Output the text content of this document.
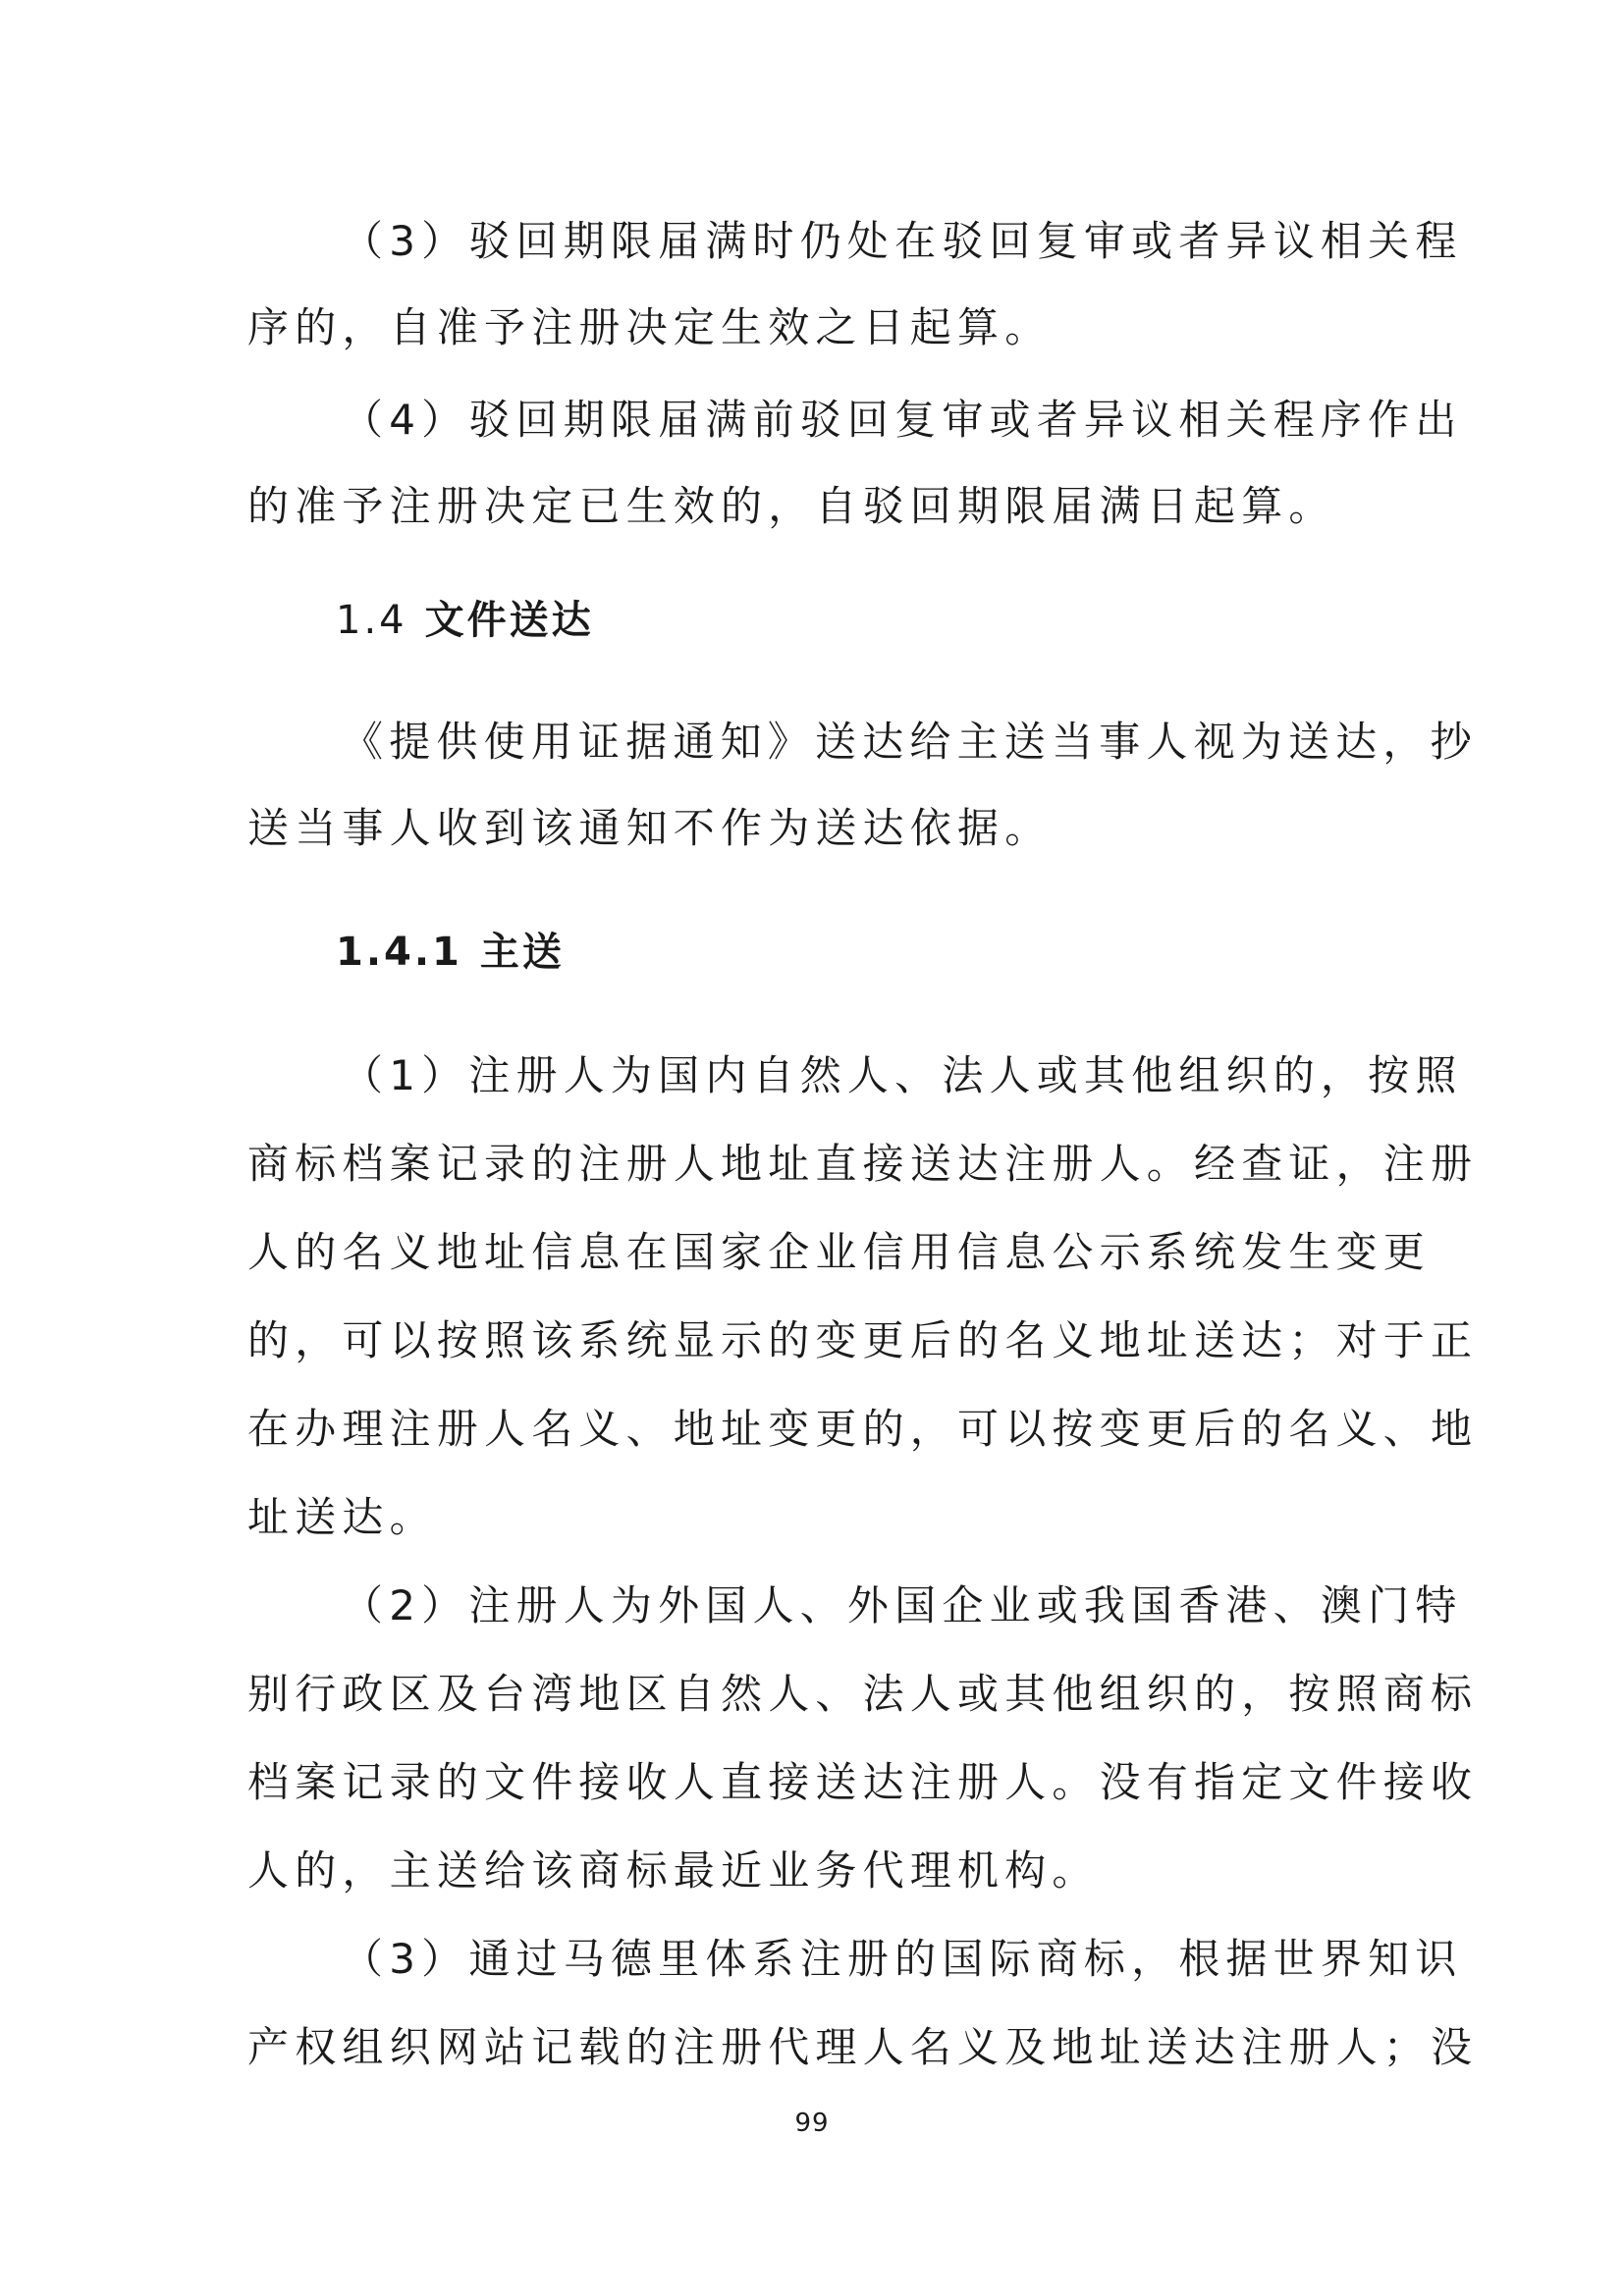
（3）驳回期限届满时仍处在驳回复审或者异议相关程

序的，自准予注册决定生效之日起算。

（4）驳回期限届满前驳回复审或者异议相关程序作出

的准予注册决定已生效的，自驳回期限届满日起算。

1.4 文件送达

《提供使用证据通知》送达给主送当事人视为送达，抄

送当事人收到该通知不作为送达依据。

1.4.1 主送

（1）注册人为国内自然人、法人或其他组织的，按照

商标档案记录的注册人地址直接送达注册人。经查证，注册

人的名义地址信息在国家企业信用信息公示系统发生变更

的，可以按照该系统显示的变更后的名义地址送达；对于正

在办理注册人名义、地址变更的，可以按变更后的名义、地

址送达。

（2）注册人为外国人、外国企业或我国香港、澳门特

别行政区及台湾地区自然人、法人或其他组织的，按照商标

档案记录的文件接收人直接送达注册人。没有指定文件接收

人的，主送给该商标最近业务代理机构。

（3）通过马德里体系注册的国际商标，根据世界知识

产权组织网站记载的注册代理人名义及地址送达注册人；没

99
